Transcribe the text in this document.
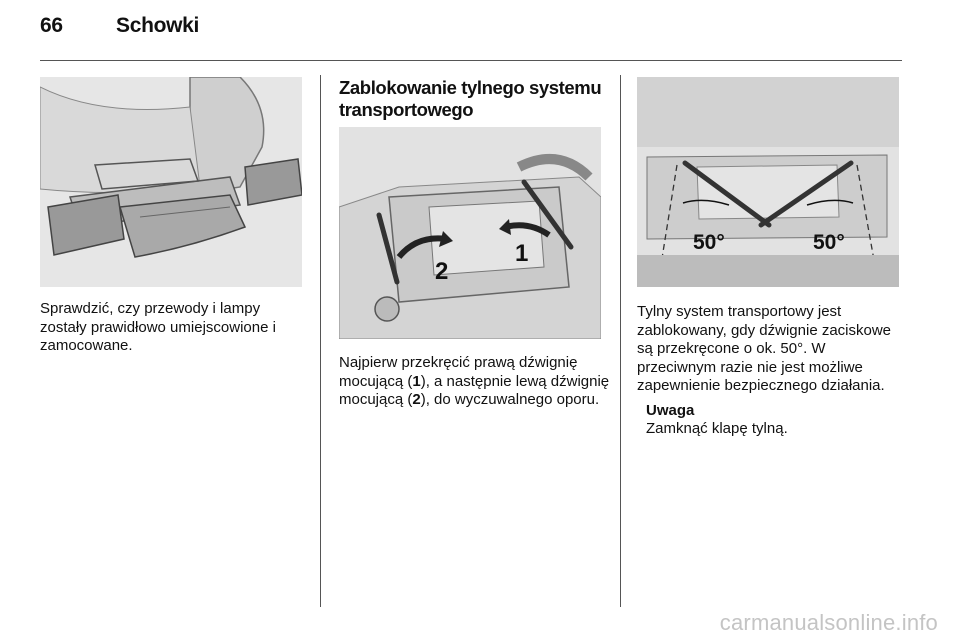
66	Schowki

Sprawdzić, czy przewody i lampy zostały prawidłowo umiejscowione i zamocowane.

Zablokowanie tylnego systemu transportowego
2
1

Najpierw przekręcić prawą dźwignię mocującą (1), a następnie lewą dźwignię mocującą (2), do wyczuwalnego oporu.

50°	50°

Tylny system transportowy jest zablokowany, gdy dźwignie zaciskowe są przekręcone o ok. 50°. W przeciwnym razie nie jest możliwe zapewnienie bezpiecznego działania.

Uwaga
Zamknąć klapę tylną.
carmanualsonline.info
